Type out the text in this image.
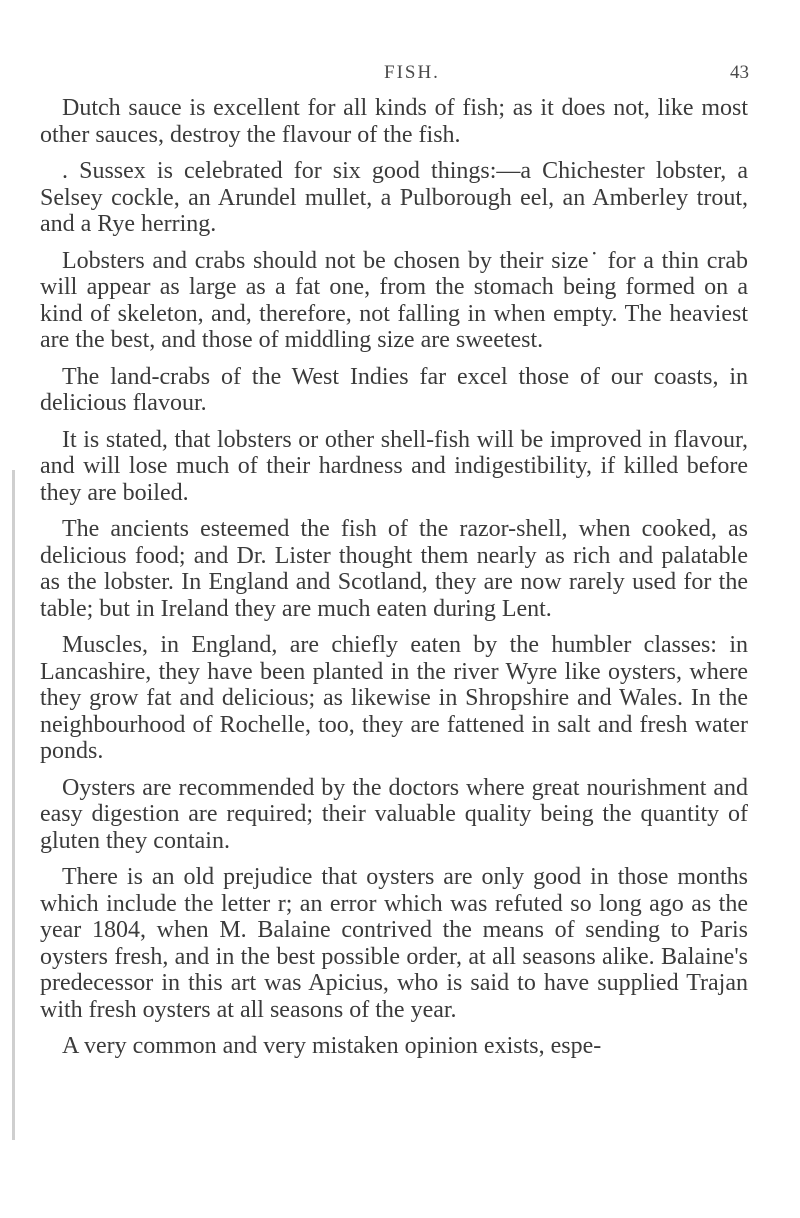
FISH.	43

Dutch sauce is excellent for all kinds of fish; as it does not, like most other sauces, destroy the flavour of the fish.

. Sussex is celebrated for six good things:—a Chichester lobster, a Selsey cockle, an Arundel mullet, a Pulborough eel, an Amberley trout, and a Rye herring.

Lobsters and crabs should not be chosen by their size˙ for a thin crab will appear as large as a fat one, from the stomach being formed on a kind of skeleton, and, therefore, not falling in when empty. The heaviest are the best, and those of middling size are sweetest.

The land-crabs of the West Indies far excel those of our coasts, in delicious flavour.

It is stated, that lobsters or other shell-fish will be improved in flavour, and will lose much of their hardness and indigestibility, if killed before they are boiled.

The ancients esteemed the fish of the razor-shell, when cooked, as delicious food; and Dr. Lister thought them nearly as rich and palatable as the lobster. In England and Scotland, they are now rarely used for the table; but in Ireland they are much eaten during Lent.

Muscles, in England, are chiefly eaten by the humbler classes: in Lancashire, they have been planted in the river Wyre like oysters, where they grow fat and delicious; as likewise in Shropshire and Wales. In the neighbourhood of Rochelle, too, they are fattened in salt and fresh water ponds.

Oysters are recommended by the doctors where great nourishment and easy digestion are required; their valuable quality being the quantity of gluten they contain.

There is an old prejudice that oysters are only good in those months which include the letter r; an error which was refuted so long ago as the year 1804, when M. Balaine contrived the means of sending to Paris oysters fresh, and in the best possible order, at all seasons alike. Balaine's predecessor in this art was Apicius, who is said to have supplied Trajan with fresh oysters at all seasons of the year.

A very common and very mistaken opinion exists, espe-
